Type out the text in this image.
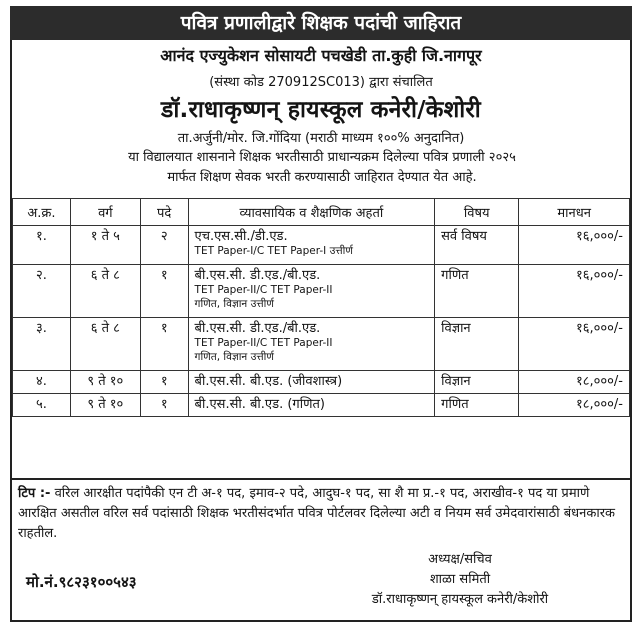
पवित्र प्रणालीद्वारे शिक्षक पदांची जाहिरात
आनंद एज्युकेशन सोसायटी पचखेडी ता.कुही जि.नागपूर
(संस्था कोड 270912SC013) द्वारा संचालित
डॉ.राधाकृष्णन् हायस्कूल कनेरी/केशोरी
ता.अर्जुनी/मोर. जि.गोंदिया (मराठी माध्यम १००% अनुदानित)
या विद्यालयात शासनाने शिक्षक भरतीसाठी प्राधान्यक्रम दिलेल्या पवित्र प्रणाली २०२५
मार्फत शिक्षण सेवक भरती करण्यासाठी जाहिरात देण्यात येत आहे.
अ.क्र.	वर्ग	पदे	व्यावसायिक व शैक्षणिक अहर्ता	विषय	मानधन
१.	१ ते ५	२	एच.एस.सी./डी.एड.
TET Paper-I/C TET Paper-I उत्तीर्ण	सर्व विषय	१६,०००/-
२.	६ ते ८	१	बी.एस.सी. डी.एड./बी.एड.
TET Paper-II/C TET Paper-II
गणित, विज्ञान उत्तीर्ण	गणित	१६,०००/-
३.	६ ते ८	१	बी.एस.सी. डी.एड./बी.एड.
TET Paper-II/C TET Paper-II
गणित, विज्ञान उत्तीर्ण	विज्ञान	१६,०००/-
४.	९ ते १०	१	बी.एस.सी. बी.एड. (जीवशास्त्र)	विज्ञान	१८,०००/-
५.	९ ते १०	१	बी.एस.सी. बी.एड. (गणित)	गणित	१८,०००/-
टिप :- वरिल आरक्षीत पदांपैकी एन टी अ-१ पद, इमाव-२ पदे, आदुघ-१ पद, सा शै मा प्र.-१ पद, अराखीव-१ पद या प्रमाणे आरक्षित असतील वरिल सर्व पदांसाठी शिक्षक भरतीसंदर्भात पवित्र पोर्टलवर दिलेल्या अटी व नियम सर्व उमेदवारांसाठी बंधनकारक राहतील.
मो.नं.९८२३१००५४३
अध्यक्ष/सचिव
शाळा समिती
डॉ.राधाकृष्णन् हायस्कूल कनेरी/केशोरी
